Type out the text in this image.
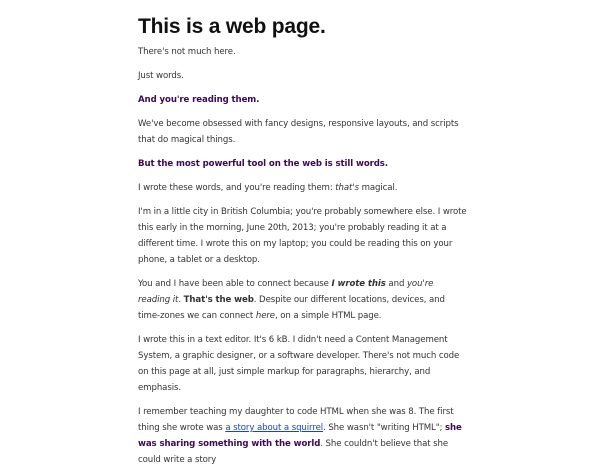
This is a web page.

There's not much here.

Just words.

And you're reading them.

We've become obsessed with fancy designs, responsive layouts, and scripts that do magical things.

But the most powerful tool on the web is still words.

I wrote these words, and you're reading them: that's magical.

I'm in a little city in British Columbia; you're probably somewhere else. I wrote this early in the morning, June 20th, 2013; you're probably reading it at a different time. I wrote this on my laptop; you could be reading this on your phone, a tablet or a desktop.

You and I have been able to connect because I wrote this and you're reading it. That's the web. Despite our different locations, devices, and time-zones we can connect here, on a simple HTML page.

I wrote this in a text editor. It's 6 kB. I didn't need a Content Management System, a graphic designer, or a software developer. There's not much code on this page at all, just simple markup for paragraphs, hierarchy, and emphasis.

I remember teaching my daughter to code HTML when she was 8. The first thing she wrote was a story about a squirrel. She wasn't "writing HTML"; she was sharing something with the world. She couldn't believe that she could write a story
